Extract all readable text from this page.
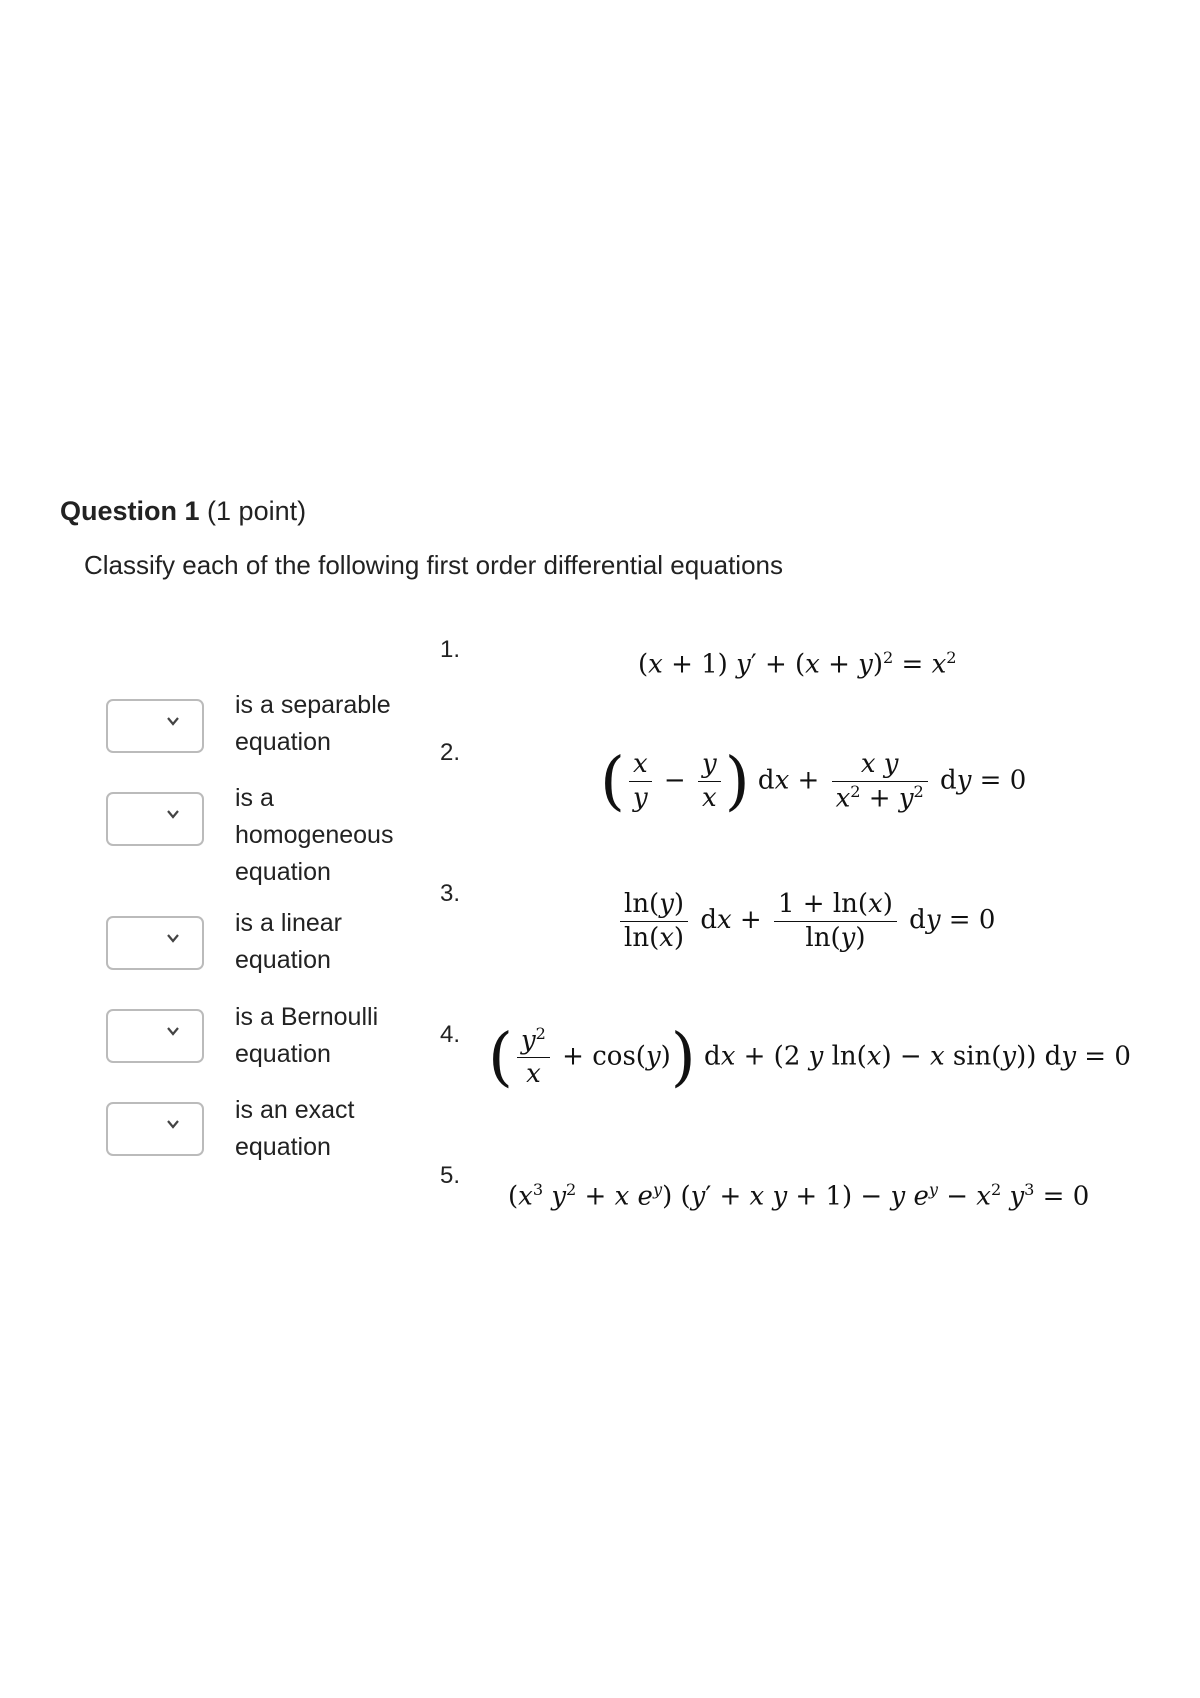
Question 1 (1 point)
Classify each of the following first order differential equations
is a separable equation
is a homogeneous equation
is a linear equation
is a Bernoulli equation
is an exact equation
1.
2.
3.
4.
5.
(x + 1) $y' + (x + y)^2 = x^2$
( $\frac{x}{y} - \frac{y}{x}$ ) dx + $\frac{\text{x y}}{x^2 + y^2}$ dy = 0
$\frac{\ln(y)}{\ln(x)}$ dx + $\frac{1 + \ln(x)}{\ln(y)}$ dy = 0
( $\frac{y^2}{x} + \cos(y)$) dx + (2 y ln(x) − x sin(y)) dy = 0
($x^3$ $y^2 + x$ $e^y$) (y′ + x y + 1) − y $e^y - x^2$ $y^3 = 0$
